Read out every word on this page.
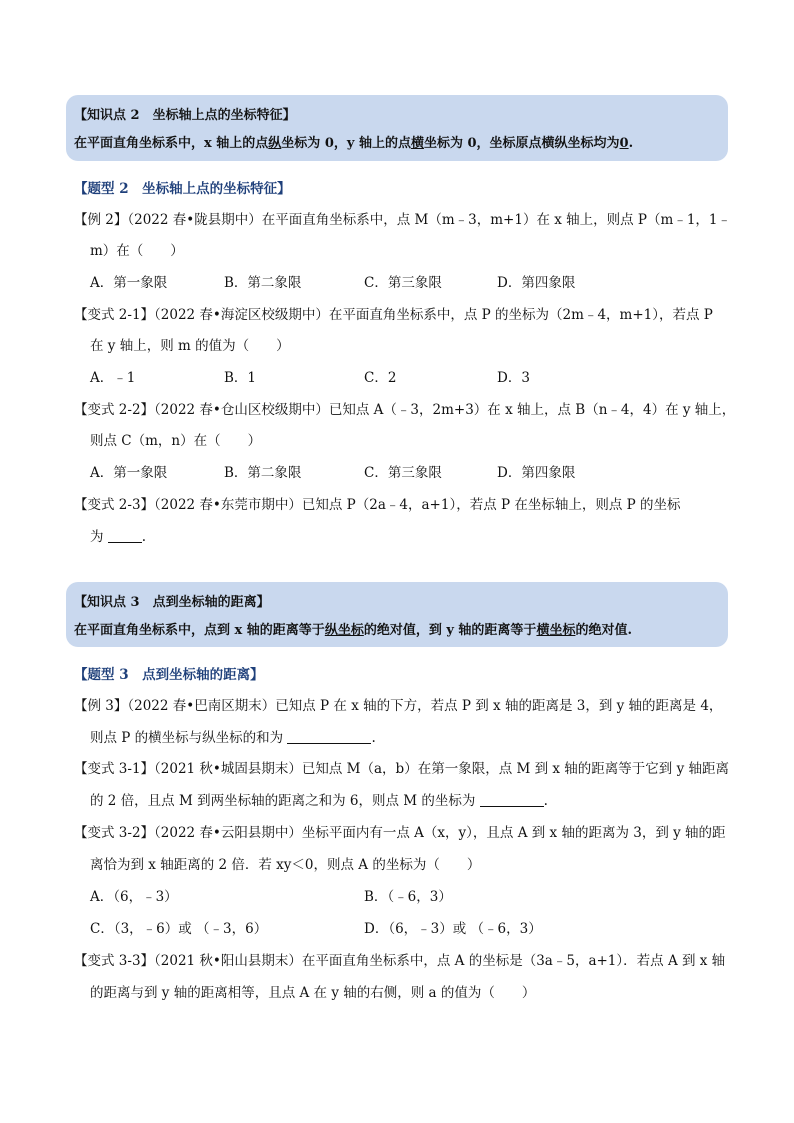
【知识点 2　坐标轴上点的坐标特征】
在平面直角坐标系中，x 轴上的点纵坐标为 0，y 轴上的点横坐标为 0，坐标原点横纵坐标均为0.
【题型 2　坐标轴上点的坐标特征】
【例 2】（2022 春•陇县期中）在平面直角坐标系中，点 M（m﹣3，m+1）在 x 轴上，则点 P（m﹣1，1﹣
m）在（　　）
A．第一象限	B．第二象限	C．第三象限	D．第四象限
【变式 2-1】（2022 春•海淀区校级期中）在平面直角坐标系中，点 P 的坐标为（2m﹣4，m+1），若点 P
在 y 轴上，则 m 的值为（　　）
A．﹣1	B．1	C．2	D．3
【变式 2-2】（2022 春•仓山区校级期中）已知点 A（﹣3，2m+3）在 x 轴上，点 B（n﹣4，4）在 y 轴上，
则点 C（m，n）在（　　）
A．第一象限	B．第二象限	C．第三象限	D．第四象限
【变式 2-3】（2022 春•东莞市期中）已知点 P（2a﹣4，a+1），若点 P 在坐标轴上，则点 P 的坐标
为	.
【知识点 3　点到坐标轴的距离】
在平面直角坐标系中，点到 x 轴的距离等于纵坐标的绝对值，到 y 轴的距离等于横坐标的绝对值.
【题型 3　点到坐标轴的距离】
【例 3】（2022 春•巴南区期末）已知点 P 在 x 轴的下方，若点 P 到 x 轴的距离是 3，到 y 轴的距离是 4，
则点 P 的横坐标与纵坐标的和为	.
【变式 3-1】（2021 秋•城固县期末）已知点 M（a，b）在第一象限，点 M 到 x 轴的距离等于它到 y 轴距离
的 2 倍，且点 M 到两坐标轴的距离之和为 6，则点 M 的坐标为	.
【变式 3-2】（2022 春•云阳县期中）坐标平面内有一点 A（x，y），且点 A 到 x 轴的距离为 3，到 y 轴的距
离恰为到 x 轴距离的 2 倍．若 xy＜0，则点 A 的坐标为（　　）
A．（6，﹣3）	B．（﹣6，3）
C．（3，﹣6）或 （﹣3，6）	D．（6，﹣3）或 （﹣6，3）
【变式 3-3】（2021 秋•阳山县期末）在平面直角坐标系中，点 A 的坐标是（3a﹣5，a+1）．若点 A 到 x 轴
的距离与到 y 轴的距离相等，且点 A 在 y 轴的右侧，则 a 的值为（　　）
